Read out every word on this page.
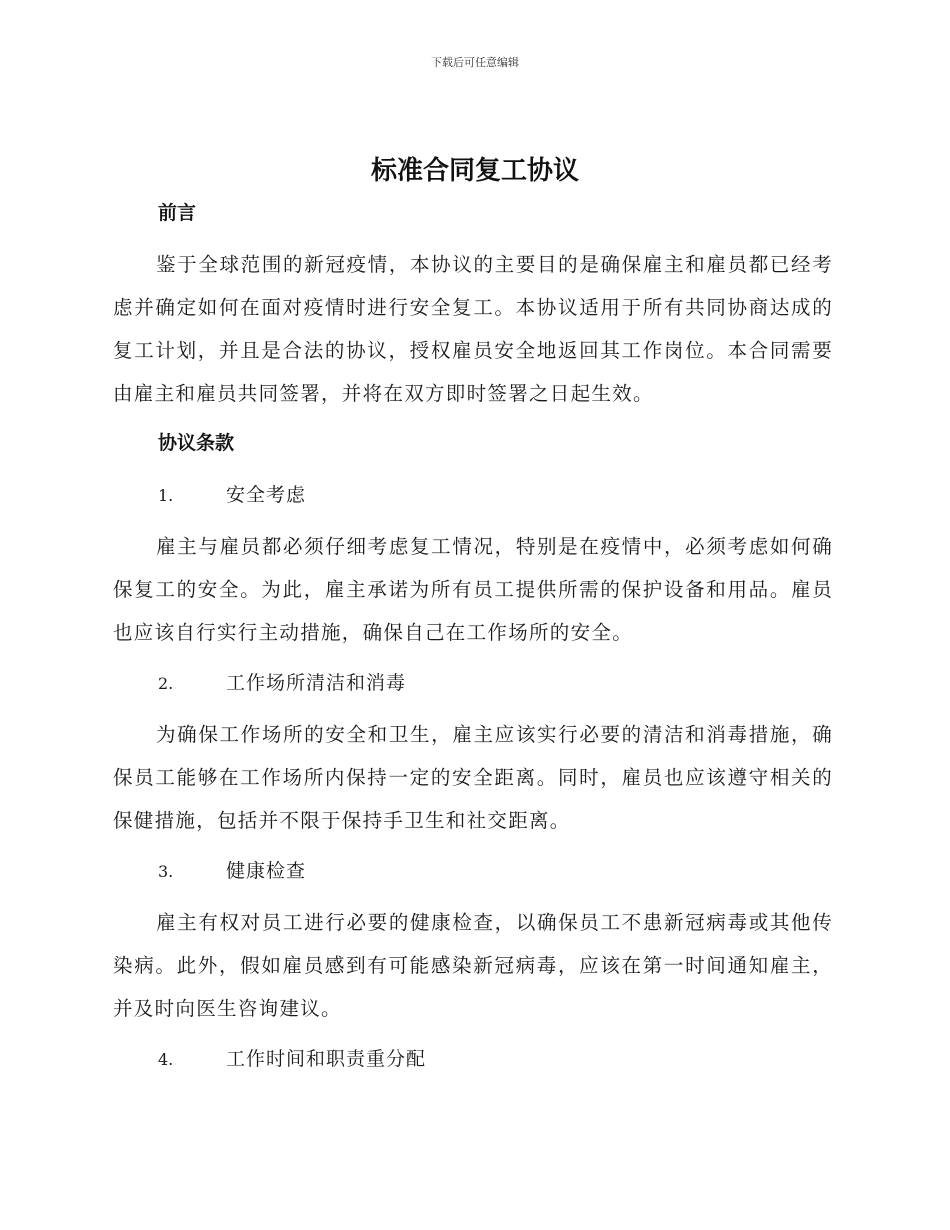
下载后可任意编辑
标准合同复工协议
前言

鉴于全球范围的新冠疫情，本协议的主要目的是确保雇主和雇员都已经考虑并确定如何在面对疫情时进行安全复工。本协议适用于所有共同协商达成的复工计划，并且是合法的协议，授权雇员安全地返回其工作岗位。本合同需要由雇主和雇员共同签署，并将在双方即时签署之日起生效。

协议条款
1.	安全考虑

雇主与雇员都必须仔细考虑复工情况，特别是在疫情中，必须考虑如何确保复工的安全。为此，雇主承诺为所有员工提供所需的保护设备和用品。雇员也应该自行实行主动措施，确保自己在工作场所的安全。

2.	工作场所清洁和消毒

为确保工作场所的安全和卫生，雇主应该实行必要的清洁和消毒措施，确保员工能够在工作场所内保持一定的安全距离。同时，雇员也应该遵守相关的保健措施，包括并不限于保持手卫生和社交距离。

3.	健康检查

雇主有权对员工进行必要的健康检查，以确保员工不患新冠病毒或其他传染病。此外，假如雇员感到有可能感染新冠病毒，应该在第一时间通知雇主，并及时向医生咨询建议。

4.	工作时间和职责重分配
